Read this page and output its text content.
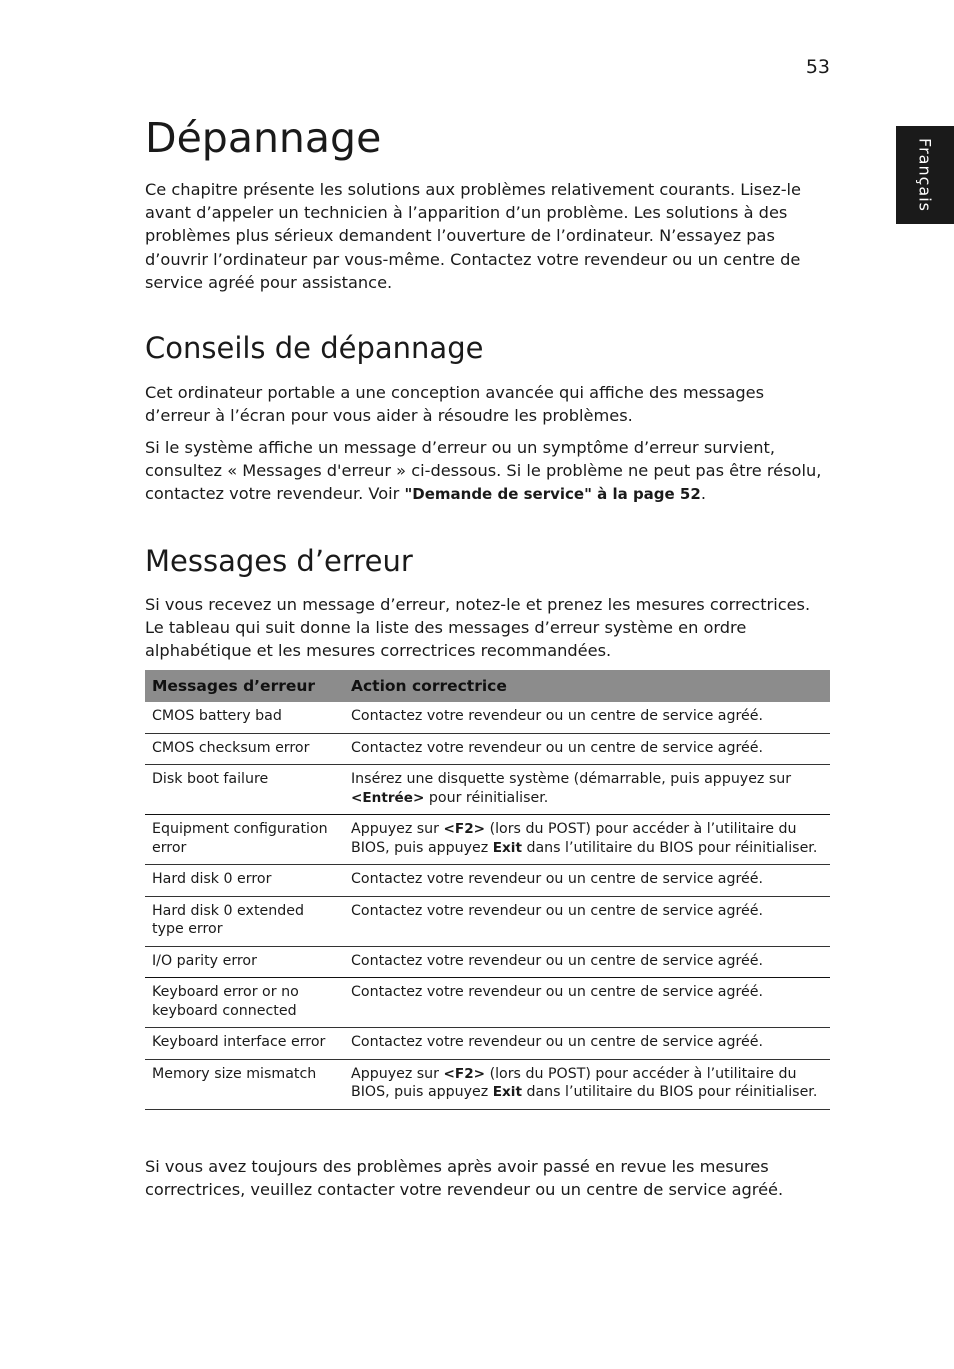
53
Français
Dépannage

Ce chapitre présente les solutions aux problèmes relativement courants. Lisez-le avant d’appeler un technicien à l’apparition d’un problème. Les solutions à des problèmes plus sérieux demandent l’ouverture de l’ordinateur. N’essayez pas d’ouvrir l’ordinateur par vous-même. Contactez votre revendeur ou un centre de service agréé pour assistance.

Conseils de dépannage

Cet ordinateur portable a une conception avancée qui affiche des messages d’erreur à l’écran pour vous aider à résoudre les problèmes.

Si le système affiche un message d’erreur ou un symptôme d’erreur survient, consultez « Messages d'erreur » ci-dessous. Si le problème ne peut pas être résolu, contactez votre revendeur. Voir "Demande de service" à la page 52.

Messages d’erreur

Si vous recevez un message d’erreur, notez-le et prenez les mesures correctrices. Le tableau qui suit donne la liste des messages d’erreur système en ordre alphabétique et les mesures correctrices recommandées.

Messages d’erreur	Action correctrice
CMOS battery bad	Contactez votre revendeur ou un centre de service agréé.
CMOS checksum error	Contactez votre revendeur ou un centre de service agréé.
Disk boot failure	Insérez une disquette système (démarrable, puis appuyez sur <Entrée> pour réinitialiser.
Equipment configuration error	Appuyez sur <F2> (lors du POST) pour accéder à l’utilitaire du BIOS, puis appuyez Exit dans l’utilitaire du BIOS pour réinitialiser.
Hard disk 0 error	Contactez votre revendeur ou un centre de service agréé.
Hard disk 0 extended type error	Contactez votre revendeur ou un centre de service agréé.
I/O parity error	Contactez votre revendeur ou un centre de service agréé.
Keyboard error or no keyboard connected	Contactez votre revendeur ou un centre de service agréé.
Keyboard interface error	Contactez votre revendeur ou un centre de service agréé.
Memory size mismatch	Appuyez sur <F2> (lors du POST) pour accéder à l’utilitaire du BIOS, puis appuyez Exit dans l’utilitaire du BIOS pour réinitialiser.

Si vous avez toujours des problèmes après avoir passé en revue les mesures correctrices, veuillez contacter votre revendeur ou un centre de service agréé.
